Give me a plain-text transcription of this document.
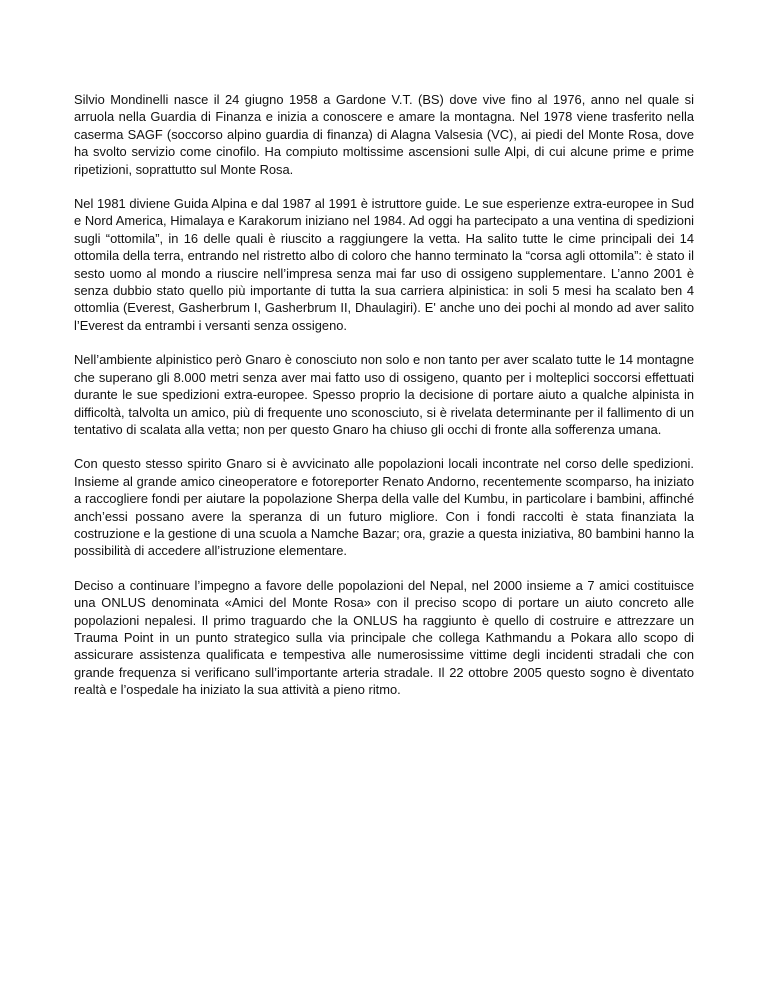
Silvio Mondinelli nasce il 24 giugno 1958 a Gardone V.T. (BS) dove vive fino al 1976, anno nel quale si arruola nella Guardia di Finanza e inizia a conoscere e amare la montagna. Nel 1978 viene trasferito nella caserma SAGF (soccorso alpino guardia di finanza) di Alagna Valsesia (VC), ai piedi del Monte Rosa, dove ha svolto servizio come cinofilo. Ha compiuto moltissime ascensioni sulle Alpi, di cui alcune prime e prime ripetizioni, soprattutto sul Monte Rosa.

Nel 1981 diviene Guida Alpina e dal 1987 al 1991 è istruttore guide. Le sue esperienze extra-europee in Sud e Nord America, Himalaya e Karakorum iniziano nel 1984. Ad oggi ha partecipato a una ventina di spedizioni sugli “ottomila”, in 16 delle quali è riuscito a raggiungere la vetta. Ha salito tutte le cime principali dei 14 ottomila della terra, entrando nel ristretto albo di coloro che hanno terminato la “corsa agli ottomila”: è stato il sesto uomo al mondo a riuscire nell’impresa senza mai far uso di ossigeno supplementare. L’anno 2001 è senza dubbio stato quello più importante di tutta la sua carriera alpinistica: in soli 5 mesi ha scalato ben 4 ottomlia (Everest, Gasherbrum I, Gasherbrum II, Dhaulagiri). E' anche uno dei pochi al mondo ad aver salito l’Everest da entrambi i versanti senza ossigeno.

Nell’ambiente alpinistico però Gnaro è conosciuto non solo e non tanto per aver scalato tutte le 14 montagne che superano gli 8.000 metri senza aver mai fatto uso di ossigeno, quanto per i molteplici soccorsi effettuati durante le sue spedizioni extra-europee. Spesso proprio la decisione di portare aiuto a qualche alpinista in difficoltà, talvolta un amico, più di frequente uno sconosciuto, si è rivelata determinante per il fallimento di un tentativo di scalata alla vetta; non per questo Gnaro ha chiuso gli occhi di fronte alla sofferenza umana.

Con questo stesso spirito Gnaro si è avvicinato alle popolazioni locali incontrate nel corso delle spedizioni. Insieme al grande amico cineoperatore e fotoreporter Renato Andorno, recentemente scomparso, ha iniziato a raccogliere fondi per aiutare la popolazione Sherpa della valle del Kumbu, in particolare i bambini, affinché anch’essi possano avere la speranza di un futuro migliore. Con i fondi raccolti è stata finanziata la costruzione e la gestione di una scuola a Namche Bazar; ora, grazie a questa iniziativa, 80 bambini hanno la possibilità di accedere all’istruzione elementare.

Deciso a continuare l’impegno a favore delle popolazioni del Nepal, nel 2000 insieme a 7 amici costituisce una ONLUS denominata «Amici del Monte Rosa» con il preciso scopo di portare un aiuto concreto alle popolazioni nepalesi. Il primo traguardo che la ONLUS ha raggiunto è quello di costruire e attrezzare un Trauma Point in un punto strategico sulla via principale che collega Kathmandu a Pokara allo scopo di assicurare assistenza qualificata e tempestiva alle numerosissime vittime degli incidenti stradali che con grande frequenza si verificano sull’importante arteria stradale. Il 22 ottobre 2005 questo sogno è diventato realtà e l’ospedale ha iniziato la sua attività a pieno ritmo.
